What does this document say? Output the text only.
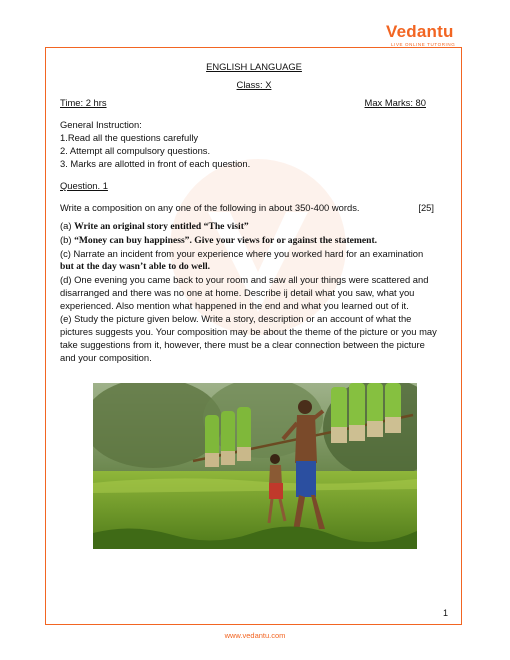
Vedantu
LIVE ONLINE TUTORING

ENGLISH LANGUAGE

Class: X

Time: 2 hrs	Max Marks: 80

General Instruction:

1.Read all the questions carefully

2. Attempt all compulsory questions.

3. Marks are allotted in front of each question.

Question. 1

Write a composition on any one of the following in about 350-400 words.	[25]

(a) Write an original story entitled “The visit”

(b) “Money can buy happiness”. Give your views for or against the statement.

(c) Narrate an incident from your experience where you worked hard for an examination

but at the day wasn’t able to do well.

(d) One evening you came back to your room and saw all your things were scattered and

disarranged and there was no one at home. Describe ij detail what you saw, what you

experienced. Also mention what happened in the end and what you learned out of it.

(e) Study the picture given below. Write a story, description or an account of what the

pictures suggests you. Your composition may be about the theme of the picture or you may

take suggestions from it, however, there must be a clear connection between the picture

and your composition.

1
www.vedantu.com
